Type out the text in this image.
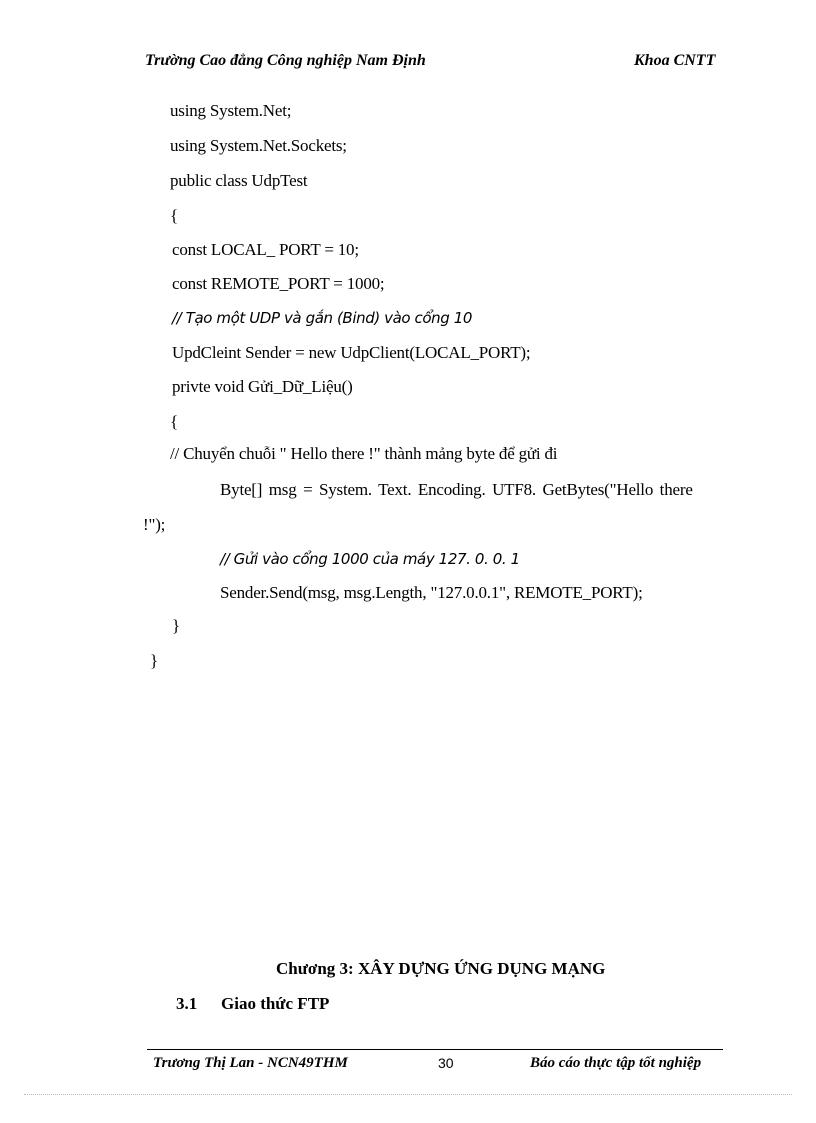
Trường Cao đẳng Công nghiệp Nam Định	Khoa CNTT
using System.Net;
using System.Net.Sockets;
public class UdpTest
{
const LOCAL_ PORT = 10;
const REMOTE_PORT = 1000;
// Tạo một UDP và gắn (Bind) vào cổng 10
UpdCleint Sender = new UdpClient(LOCAL_PORT);
privte void Gửi_Dữ_Liệu()
{
// Chuyển chuỗi " Hello there !" thành mảng byte để gửi đi
Byte[] msg = System. Text. Encoding. UTF8. GetBytes("Hello there
!");
// Gửi vào cổng 1000 của máy 127. 0. 0. 1
Sender.Send(msg, msg.Length, "127.0.0.1", REMOTE_PORT);
}
}
Chương 3: XÂY DỰNG ỨNG DỤNG MẠNG
3.1 Giao thức FTP
Trương Thị Lan - NCN49THM	30	Báo cáo thực tập tốt nghiệp
